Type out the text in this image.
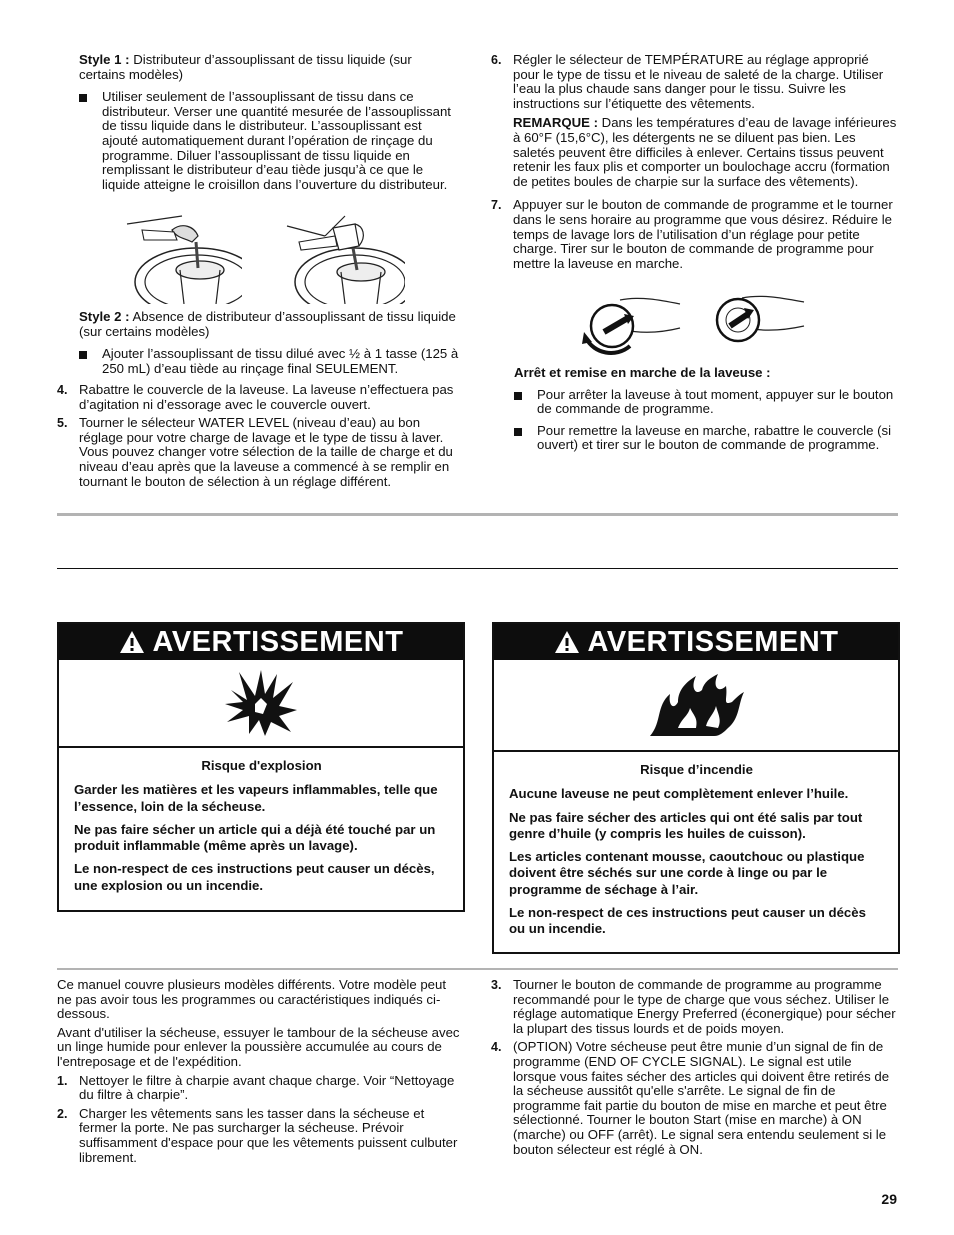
Style 1 : Distributeur d’assouplissant de tissu liquide (sur certains modèles)

Utiliser seulement de l’assouplissant de tissu dans ce distributeur. Verser une quantité mesurée de l’assouplissant de tissu liquide dans le distributeur. L’assouplissant est ajouté automatiquement durant l’opération de rinçage du programme. Diluer l’assouplissant de tissu liquide en remplissant le distributeur d’eau tiède jusqu’à ce que le liquide atteigne le croisillon dans l’ouverture du distributeur.

Style 2 : Absence de distributeur d’assouplissant de tissu liquide (sur certains modèles)

Ajouter l’assouplissant de tissu dilué avec ½ à 1 tasse (125 à 250 mL) d’eau tiède au rinçage final SEULEMENT.
4. Rabattre le couvercle de la laveuse. La laveuse n’effectuera pas d’agitation ni d’essorage avec le couvercle ouvert.
5. Tourner le sélecteur WATER LEVEL (niveau d’eau) au bon réglage pour votre charge de lavage et le type de tissu à laver. Vous pouvez changer votre sélection de la taille de charge et du niveau d’eau après que la laveuse a commencé à se remplir en tournant le bouton de sélection à un réglage différent.
6. Régler le sélecteur de TEMPÉRATURE au réglage approprié pour le type de tissu et le niveau de saleté de la charge. Utiliser l’eau la plus chaude sans danger pour le tissu. Suivre les instructions sur l’étiquette des vêtements.

REMARQUE : Dans les températures d’eau de lavage inférieures à 60°F (15,6°C), les détergents ne se diluent pas bien. Les saletés peuvent être difficiles à enlever. Certains tissus peuvent retenir les faux plis et comporter un boulochage accru (formation de petites boules de charpie sur la surface des vêtements).

7. Appuyer sur le bouton de commande de programme et le tourner dans le sens horaire au programme que vous désirez. Réduire le temps de lavage lors de l’utilisation d’un réglage pour petite charge. Tirer sur le bouton de commande de programme pour mettre la laveuse en marche.

Arrêt et remise en marche de la laveuse :

Pour arrêter la laveuse à tout moment, appuyer sur le bouton de commande de programme.
Pour remettre la laveuse en marche, rabattre le couvercle (si ouvert) et tirer sur le bouton de commande de programme.
AVERTISSEMENT

Risque d'explosion

Garder les matières et les vapeurs inflammables, telle que l’essence, loin de la sécheuse.

Ne pas faire sécher un article qui a déjà été touché par un produit inflammable (même après un lavage).

Le non-respect de ces instructions peut causer un décès, une explosion ou un incendie.

AVERTISSEMENT

Risque d’incendie

Aucune laveuse ne peut complètement enlever l’huile.

Ne pas faire sécher des articles qui ont été salis par tout genre d’huile (y compris les huiles de cuisson).

Les articles contenant mousse, caoutchouc ou plastique doivent être séchés sur une corde à linge ou par le programme de séchage à l’air.

Le non-respect de ces instructions peut causer un décès ou un incendie.

Ce manuel couvre plusieurs modèles différents. Votre modèle peut ne pas avoir tous les programmes ou caractéristiques indiqués ci-dessous.

Avant d'utiliser la sécheuse, essuyer le tambour de la sécheuse avec un linge humide pour enlever la poussière accumulée au cours de l'entreposage et de l'expédition.

1. Nettoyer le filtre à charpie avant chaque charge. Voir “Nettoyage du filtre à charpie”.
2. Charger les vêtements sans les tasser dans la sécheuse et fermer la porte. Ne pas surcharger la sécheuse. Prévoir suffisamment d'espace pour que les vêtements puissent culbuter librement.
3. Tourner le bouton de commande de programme au programme recommandé pour le type de charge que vous séchez. Utiliser le réglage automatique Energy Preferred (éconergique) pour sécher la plupart des tissus lourds et de poids moyen.
4. (OPTION) Votre sécheuse peut être munie d’un signal de fin de programme (END OF CYCLE SIGNAL). Le signal est utile lorsque vous faites sécher des articles qui doivent être retirés de la sécheuse aussitôt qu'elle s'arrête. Le signal de fin de programme fait partie du bouton de mise en marche et peut être sélectionné. Tourner le bouton Start (mise en marche) à ON (marche) ou OFF (arrêt). Le signal sera entendu seulement si le bouton sélecteur est réglé à ON.
29
